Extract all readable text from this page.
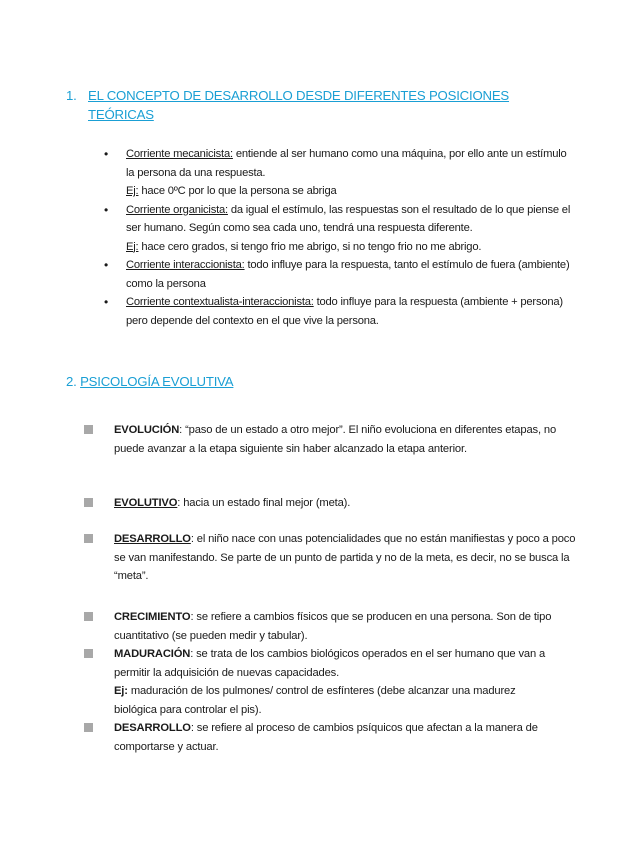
1. EL CONCEPTO DE DESARROLLO DESDE DIFERENTES POSICIONES TEÓRICAS
• Corriente mecanicista: entiende al ser humano como una máquina, por ello ante un estímulo la persona da una respuesta.
Ej: hace 0ºC por lo que la persona se abriga
• Corriente organicista: da igual el estímulo, las respuestas son el resultado de lo que piense el ser humano. Según como sea cada uno, tendrá una respuesta diferente.
Ej: hace cero grados, si tengo frio me abrigo, si no tengo frio no me abrigo.
• Corriente interaccionista: todo influye para la respuesta, tanto el estímulo de fuera (ambiente) como la persona
• Corriente contextualista-interaccionista: todo influye para la respuesta (ambiente + persona) pero depende del contexto en el que vive la persona.
2. PSICOLOGÍA EVOLUTIVA
EVOLUCIÓN: “paso de un estado a otro mejor”. El niño evoluciona en diferentes etapas, no puede avanzar a la etapa siguiente sin haber alcanzado la etapa anterior.
EVOLUTIVO: hacia un estado final mejor (meta).
DESARROLLO: el niño nace con unas potencialidades que no están manifiestas y poco a poco se van manifestando. Se parte de un punto de partida y no de la meta, es decir, no se busca la “meta”.
CRECIMIENTO: se refiere a cambios físicos que se producen en una persona. Son de tipo cuantitativo (se pueden medir y tabular).
MADURACIÓN: se trata de los cambios biológicos operados en el ser humano que van a permitir la adquisición de nuevas capacidades.
Ej: maduración de los pulmones/ control de esfínteres (debe alcanzar una madurez biológica para controlar el pis).
DESARROLLO: se refiere al proceso de cambios psíquicos que afectan a la manera de comportarse y actuar.
